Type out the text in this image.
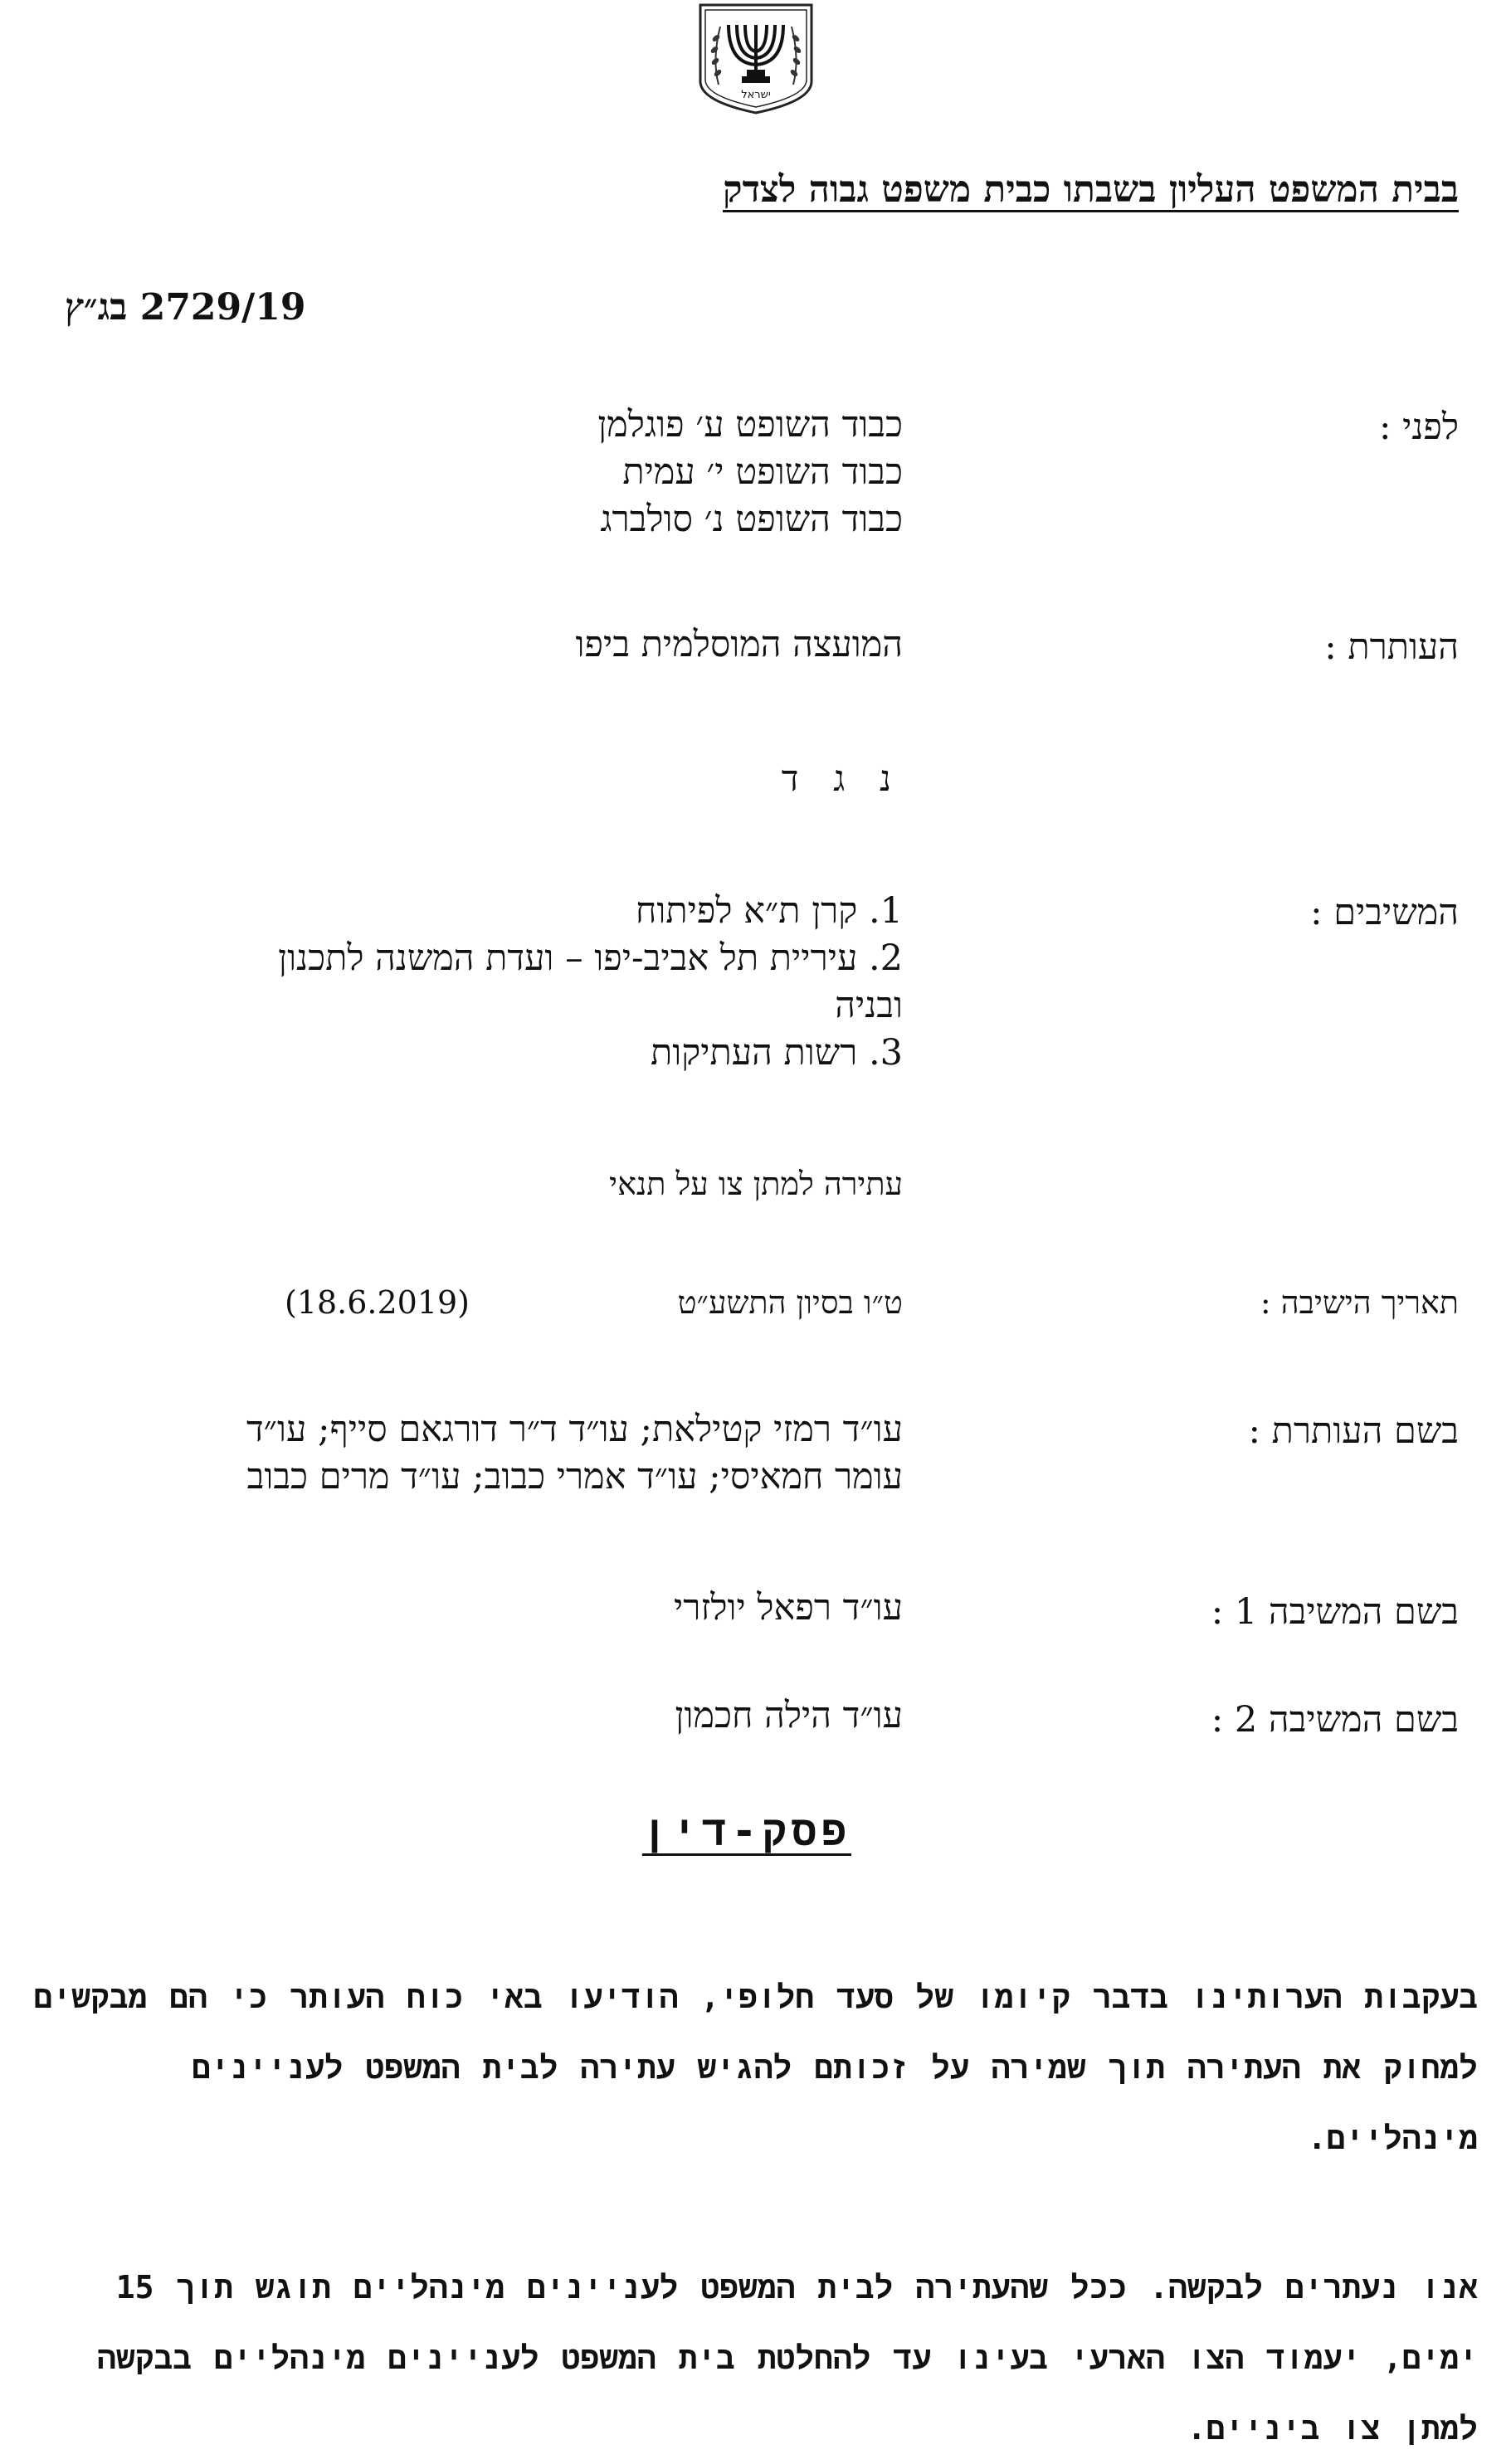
ישראל
בבית המשפט העליון בשבתו כבית משפט גבוה לצדק
2729/19 בג״ץ
לפני :
כבוד השופט ע׳ פוגלמן
כבוד השופט י׳ עמית
כבוד השופט נ׳ סולברג
העותרת :
המועצה המוסלמית ביפו
נ ג ד
המשיבים :
1. קרן ת״א לפיתוח
2. עיריית תל אביב-יפו – ועדת המשנה לתכנון
ובניה
3. רשות העתיקות
עתירה למתן צו על תנאי
תאריך הישיבה :
ט״ו בסיון התשע״ט
(18.6.2019)
בשם העותרת :
עו״ד רמזי קטילאת; עו״ד ד״ר דורגאם סייף; עו״ד
עומר חמאיסי; עו״ד אמרי כבוב; עו״ד מרים כבוב
בשם המשיבה 1 :
עו״ד רפאל יולזרי
בשם המשיבה 2 :
עו״ד הילה חכמון
פסק-דין
בעקבות הערותינו בדבר קיומו של סעד חלופי, הודיעו באי כוח העותר כי הם מבקשים למחוק את העתירה תוך שמירה על זכותם להגיש עתירה לבית המשפט לעניינים מינהליים.
אנו נעתרים לבקשה. ככל שהעתירה לבית המשפט לעניינים מינהליים תוגש תוך 15 ימים, יעמוד הצו הארעי בעינו עד להחלטת בית המשפט לעניינים מינהליים בבקשה למתן צו ביניים.
